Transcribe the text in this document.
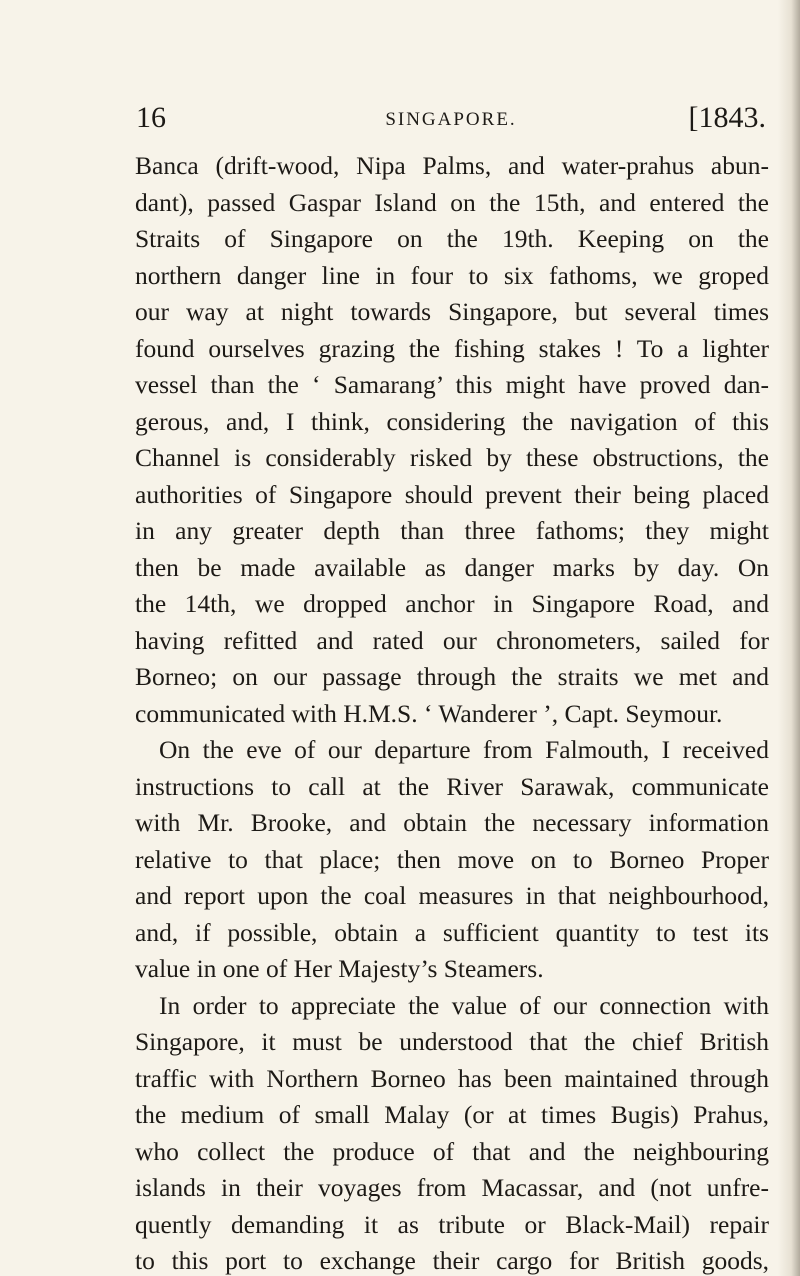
16	SINGAPORE.	[1843.
Banca (drift-wood, Nipa Palms, and water-prahus abun-
dant), passed Gaspar Island on the 15th, and entered the
Straits of Singapore on the 19th. Keeping on the
northern danger line in four to six fathoms, we groped
our way at night towards Singapore, but several times
found ourselves grazing the fishing stakes ! To a lighter
vessel than the ‘ Samarang’ this might have proved dan-
gerous, and, I think, considering the navigation of this
Channel is considerably risked by these obstructions, the
authorities of Singapore should prevent their being placed
in any greater depth than three fathoms; they might
then be made available as danger marks by day. On
the 14th, we dropped anchor in Singapore Road, and
having refitted and rated our chronometers, sailed for
Borneo; on our passage through the straits we met and
communicated with H.M.S. ‘ Wanderer ’, Capt. Seymour.
On the eve of our departure from Falmouth, I received
instructions to call at the River Sarawak, communicate
with Mr. Brooke, and obtain the necessary information
relative to that place; then move on to Borneo Proper
and report upon the coal measures in that neighbourhood,
and, if possible, obtain a sufficient quantity to test its
value in one of Her Majesty’s Steamers.
In order to appreciate the value of our connection with
Singapore, it must be understood that the chief British
traffic with Northern Borneo has been maintained through
the medium of small Malay (or at times Bugis) Prahus,
who collect the produce of that and the neighbouring
islands in their voyages from Macassar, and (not unfre-
quently demanding it as tribute or Black-Mail) repair
to this port to exchange their cargo for British goods,
